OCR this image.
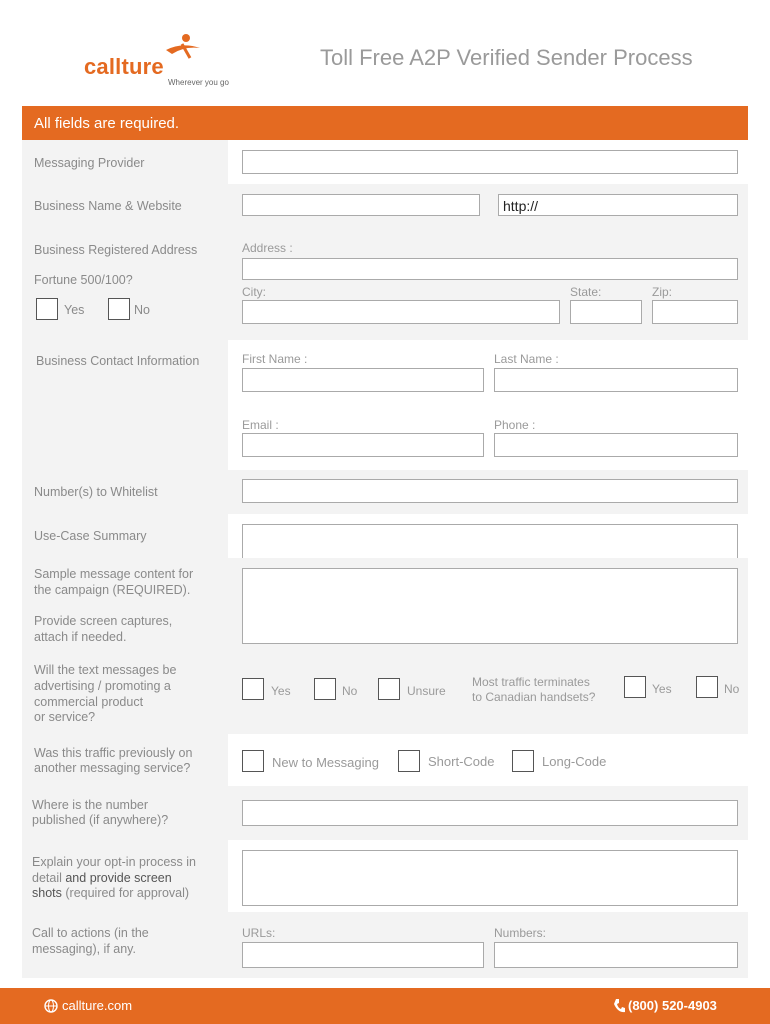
callture
Wherever you go
Toll Free A2P Verified Sender Process
All fields are required.
Messaging Provider
Business Name & Website	http://
Business Registered Address
Fortune 500/100?
Yes	No
Address :
City:	State:	Zip:
Business Contact Information	First Name :	Last Name :
Email :	Phone :
Number(s) to Whitelist
Use-Case Summary
Sample message content for
the campaign (REQUIRED).
Provide screen captures,
attach if needed.
Will the text messages be
advertising / promoting a
commercial product
or service?
Yes	No	Unsure
Most traffic terminates
to Canadian handsets?
Yes	No
Was this traffic previously on
another messaging service?	New to Messaging	Short-Code	Long-Code
Where is the number
published (if anywhere)?
Explain your opt-in process in
detail and provide screen
shots (required for approval)
Call to actions (in the
messaging), if any.
URLs:	Numbers:
callture.com	(800) 520-4903
